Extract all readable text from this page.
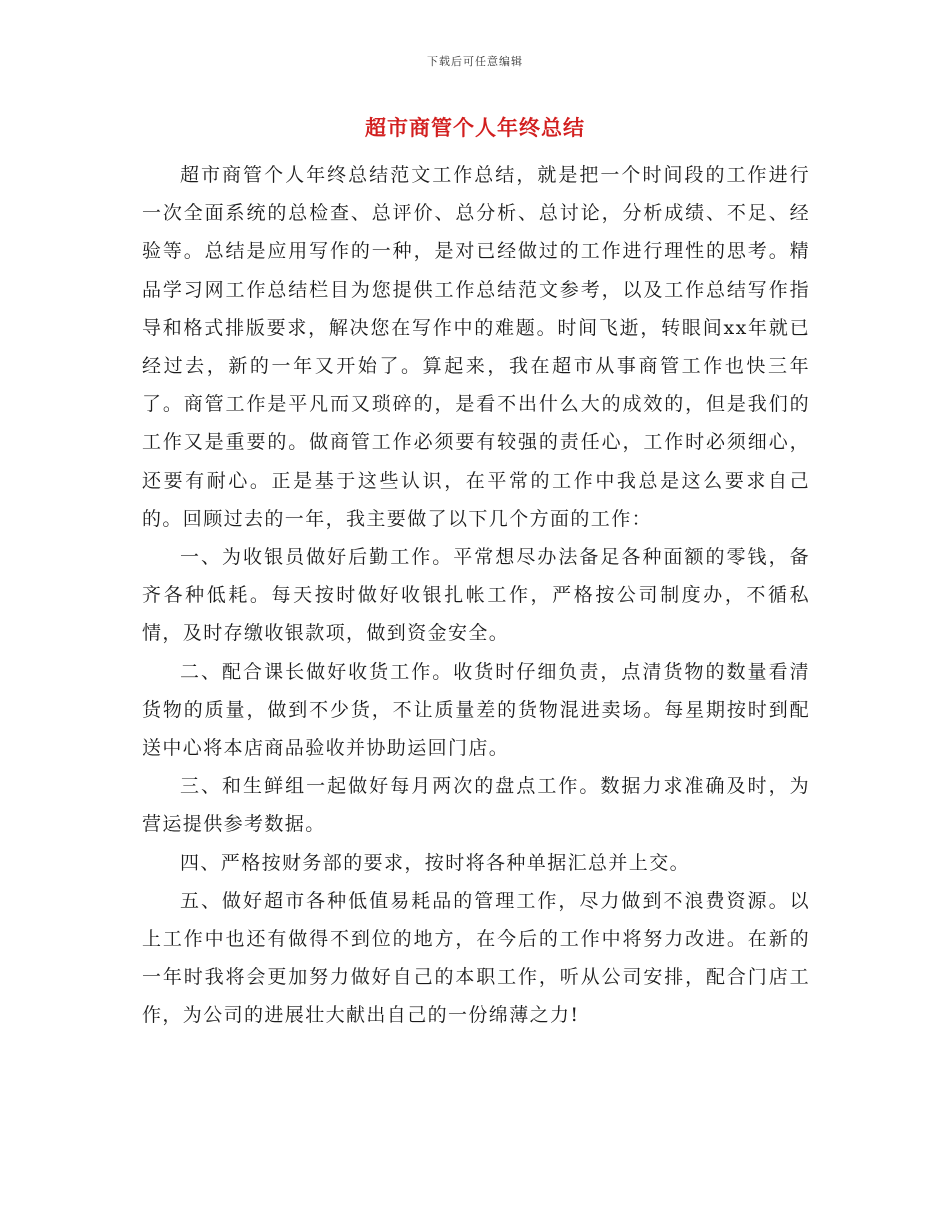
下载后可任意编辑
超市商管个人年终总结

超市商管个人年终总结范文工作总结，就是把一个时间段的工作进行一次全面系统的总检查、总评价、总分析、总讨论，分析成绩、不足、经验等。总结是应用写作的一种，是对已经做过的工作进行理性的思考。精品学习网工作总结栏目为您提供工作总结范文参考，以及工作总结写作指导和格式排版要求，解决您在写作中的难题。时间飞逝，转眼间xx年就已经过去，新的一年又开始了。算起来，我在超市从事商管工作也快三年了。商管工作是平凡而又琐碎的，是看不出什么大的成效的，但是我们的工作又是重要的。做商管工作必须要有较强的责任心，工作时必须细心，还要有耐心。正是基于这些认识，在平常的工作中我总是这么要求自己的。回顾过去的一年，我主要做了以下几个方面的工作：

一、为收银员做好后勤工作。平常想尽办法备足各种面额的零钱，备齐各种低耗。每天按时做好收银扎帐工作，严格按公司制度办，不循私情，及时存缴收银款项，做到资金安全。

二、配合课长做好收货工作。收货时仔细负责，点清货物的数量看清货物的质量，做到不少货，不让质量差的货物混进卖场。每星期按时到配送中心将本店商品验收并协助运回门店。

三、和生鲜组一起做好每月两次的盘点工作。数据力求准确及时，为营运提供参考数据。

四、严格按财务部的要求，按时将各种单据汇总并上交。

五、做好超市各种低值易耗品的管理工作，尽力做到不浪费资源。以上工作中也还有做得不到位的地方，在今后的工作中将努力改进。在新的一年时我将会更加努力做好自己的本职工作，听从公司安排，配合门店工作，为公司的进展壮大献出自己的一份绵薄之力!
